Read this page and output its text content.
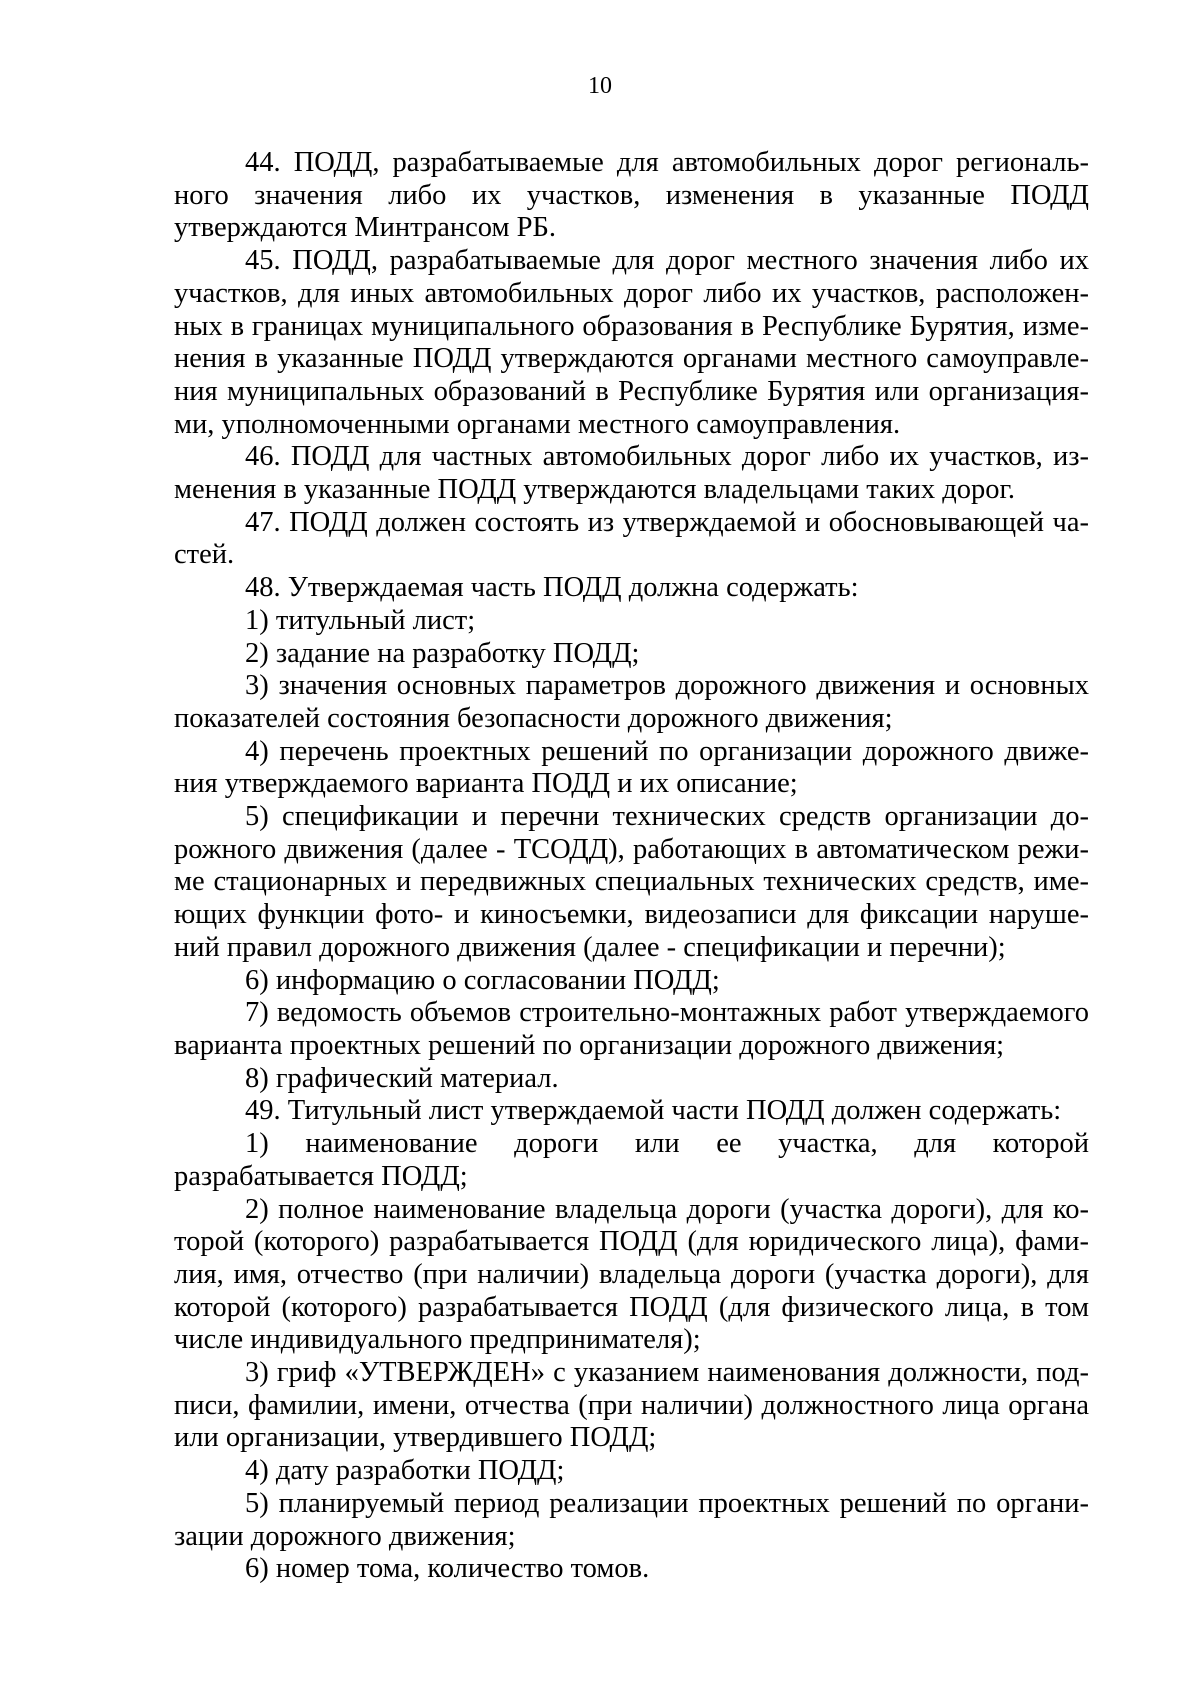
10

44. ПОДД, разрабатываемые для автомобильных дорог регионального значения либо их участков, изменения в указанные ПОДД утверждаются Минтрансом РБ.

45. ПОДД, разрабатываемые для дорог местного значения либо их участков, для иных автомобильных дорог либо их участков, расположенных в границах муниципального образования в Республике Бурятия, изменения в указанные ПОДД утверждаются органами местного самоуправления муниципальных образований в Республике Бурятия или организациями, уполномоченными органами местного самоуправления.

46. ПОДД для частных автомобильных дорог либо их участков, изменения в указанные ПОДД утверждаются владельцами таких дорог.

47. ПОДД должен состоять из утверждаемой и обосновывающей частей.

48. Утверждаемая часть ПОДД должна содержать:

1) титульный лист;

2) задание на разработку ПОДД;

3) значения основных параметров дорожного движения и основных показателей состояния безопасности дорожного движения;

4) перечень проектных решений по организации дорожного движения утверждаемого варианта ПОДД и их описание;

5) спецификации и перечни технических средств организации дорожного движения (далее - ТСОДД), работающих в автоматическом режиме стационарных и передвижных специальных технических средств, имеющих функции фото- и киносъемки, видеозаписи для фиксации нарушений правил дорожного движения (далее - спецификации и перечни);

6) информацию о согласовании ПОДД;

7) ведомость объемов строительно-монтажных работ утверждаемого варианта проектных решений по организации дорожного движения;

8) графический материал.

49. Титульный лист утверждаемой части ПОДД должен содержать:

1) наименование дороги или ее участка, для которой разрабатывается ПОДД;

2) полное наименование владельца дороги (участка дороги), для которой (которого) разрабатывается ПОДД (для юридического лица), фамилия, имя, отчество (при наличии) владельца дороги (участка дороги), для которой (которого) разрабатывается ПОДД (для физического лица, в том числе индивидуального предпринимателя);

3) гриф «УТВЕРЖДЕН» с указанием наименования должности, подписи, фамилии, имени, отчества (при наличии) должностного лица органа или организации, утвердившего ПОДД;

4) дату разработки ПОДД;

5) планируемый период реализации проектных решений по организации дорожного движения;

6) номер тома, количество томов.
